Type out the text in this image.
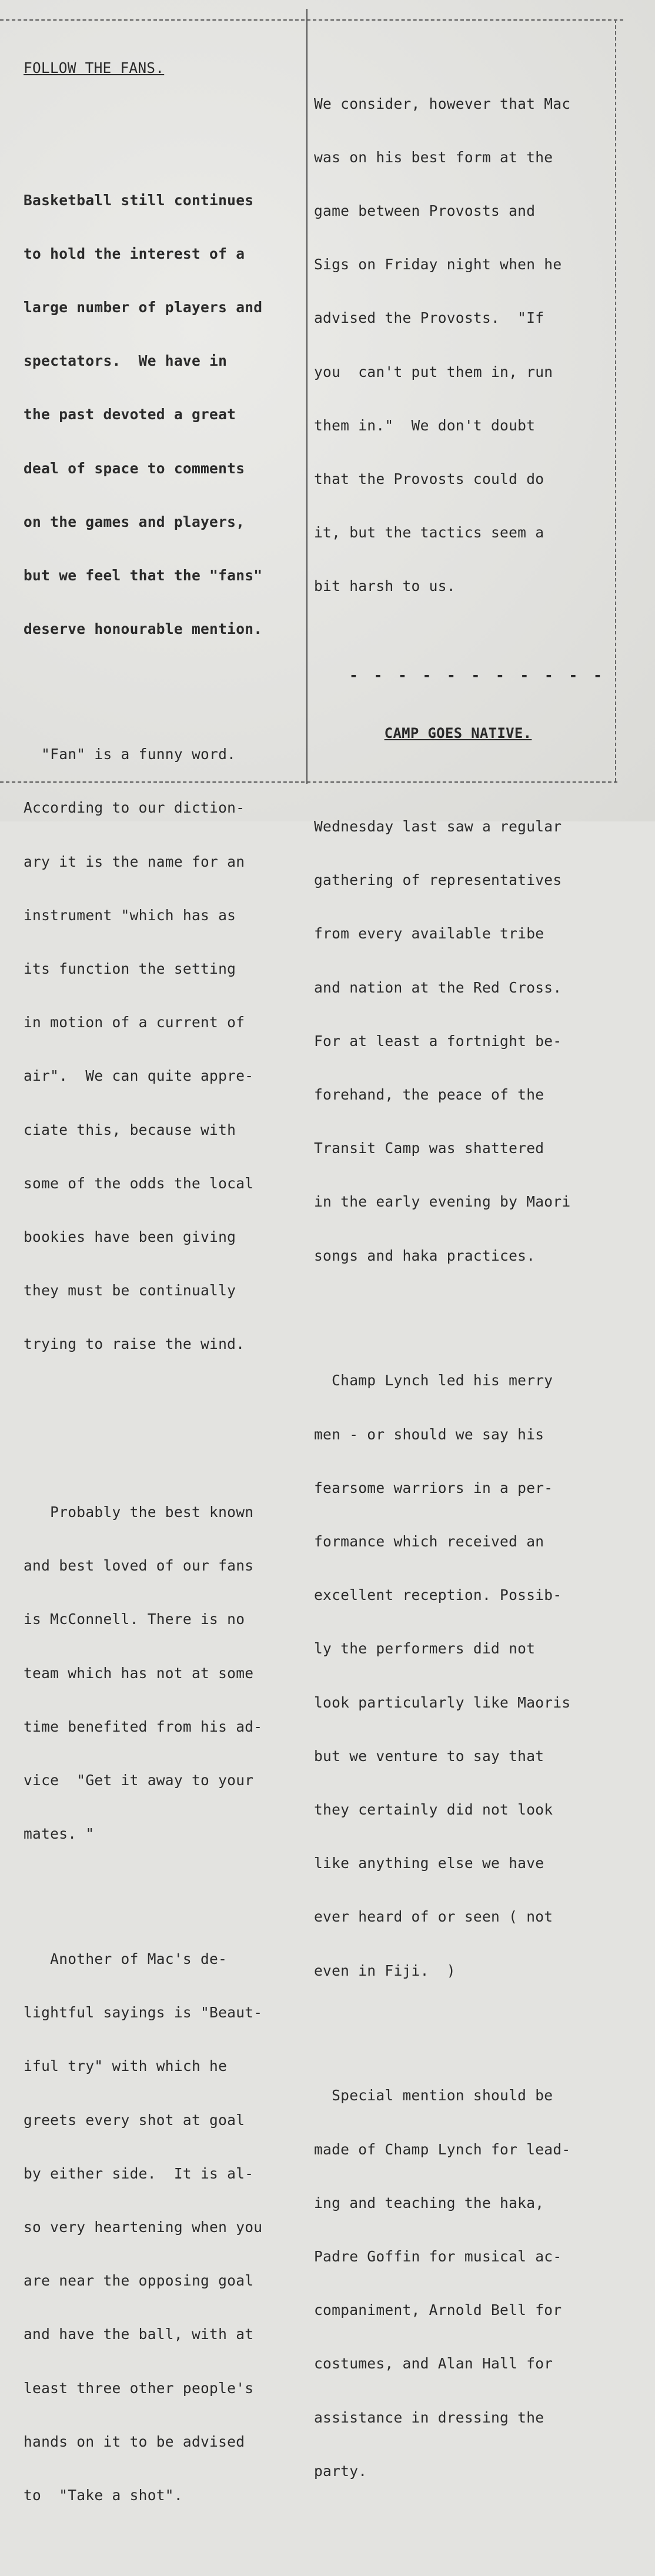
FOLLOW THE FANS.

Basketball still continues

to hold the interest of a

large number of players and

spectators.  We have in

the past devoted a great

deal of space to comments

on the games and players,

but we feel that the "fans"

deserve honourable mention.

"Fan" is a funny word.

According to our diction-

ary it is the name for an

instrument "which has as

its function the setting

in motion of a current of

air".  We can quite appre-

ciate this, because with

some of the odds the local

bookies have been giving

they must be continually

trying to raise the wind.

Probably the best known

and best loved of our fans

is McConnell. There is no

team which has not at some

time benefited from his ad-

vice  "Get it away to your

mates. "

Another of Mac's de-

lightful sayings is "Beaut-

iful try" with which he

greets every shot at goal

by either side.  It is al-

so very heartening when you

are near the opposing goal

and have the ball, with at

least three other people's

hands on it to be advised

to  "Take a shot".

We consider, however that Mac

was on his best form at the

game between Provosts and

Sigs on Friday night when he

advised the Provosts.  "If

you  can't put them in, run

them in."  We don't doubt

that the Provosts could do

it, but the tactics seem a

bit harsh to us.

- - - - - - - - - - -

CAMP GOES NATIVE.

Wednesday last saw a regular

gathering of representatives

from every available tribe

and nation at the Red Cross.

For at least a fortnight be-

forehand, the peace of the

Transit Camp was shattered

in the early evening by Maori

songs and haka practices.

Champ Lynch led his merry

men - or should we say his

fearsome warriors in a per-

formance which received an

excellent reception. Possib-

ly the performers did not

look particularly like Maoris

but we venture to say that

they certainly did not look

like anything else we have

ever heard of or seen ( not

even in Fiji.  )

Special mention should be

made of Champ Lynch for lead-

ing and teaching the haka,

Padre Goffin for musical ac-

companiment, Arnold Bell for

costumes, and Alan Hall for

assistance in dressing the

party.
